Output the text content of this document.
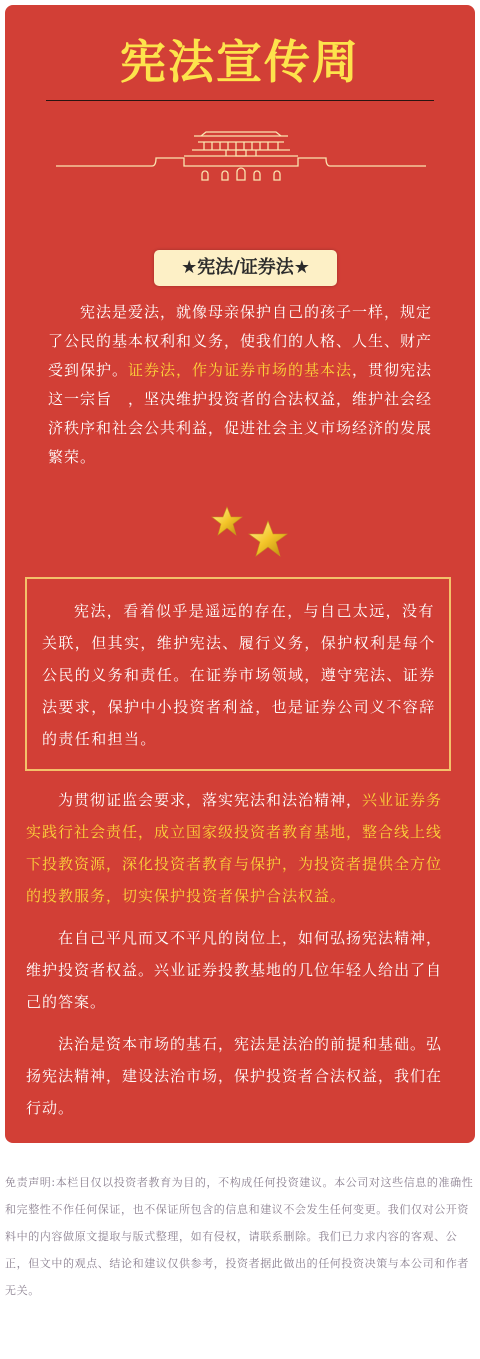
宪法宣传周
★宪法/证券法★
宪法是爱法，就像母亲保护自己的孩子一样，规定了公民的基本权利和义务，使我们的人格、人生、财产受到保护。证券法，作为证券市场的基本法，贯彻宪法这一宗旨　，坚决维护投资者的合法权益，维护社会经济秩序和社会公共利益，促进社会主义市场经济的发展繁荣。
宪法，看着似乎是遥远的存在，与自己太远，没有关联，但其实，维护宪法、履行义务，保护权利是每个公民的义务和责任。在证券市场领域，遵守宪法、证券法要求，保护中小投资者利益，也是证券公司义不容辞的责任和担当。
为贯彻证监会要求，落实宪法和法治精神，兴业证券务实践行社会责任，成立国家级投资者教育基地，整合线上线下投教资源，深化投资者教育与保护，为投资者提供全方位的投教服务，切实保护投资者保护合法权益。
在自己平凡而又不平凡的岗位上，如何弘扬宪法精神，维护投资者权益。兴业证券投教基地的几位年轻人给出了自己的答案。
法治是资本市场的基石，宪法是法治的前提和基础。弘扬宪法精神，建设法治市场，保护投资者合法权益，我们在行动。
免责声明:本栏目仅以投资者教育为目的，不构成任何投资建议。本公司对这些信息的准确性和完整性不作任何保证，也不保证所包含的信息和建议不会发生任何变更。我们仅对公开资料中的内容做原文提取与版式整理，如有侵权，请联系删除。我们已力求内容的客观、公正，但文中的观点、结论和建议仅供参考，投资者据此做出的任何投资决策与本公司和作者无关。
